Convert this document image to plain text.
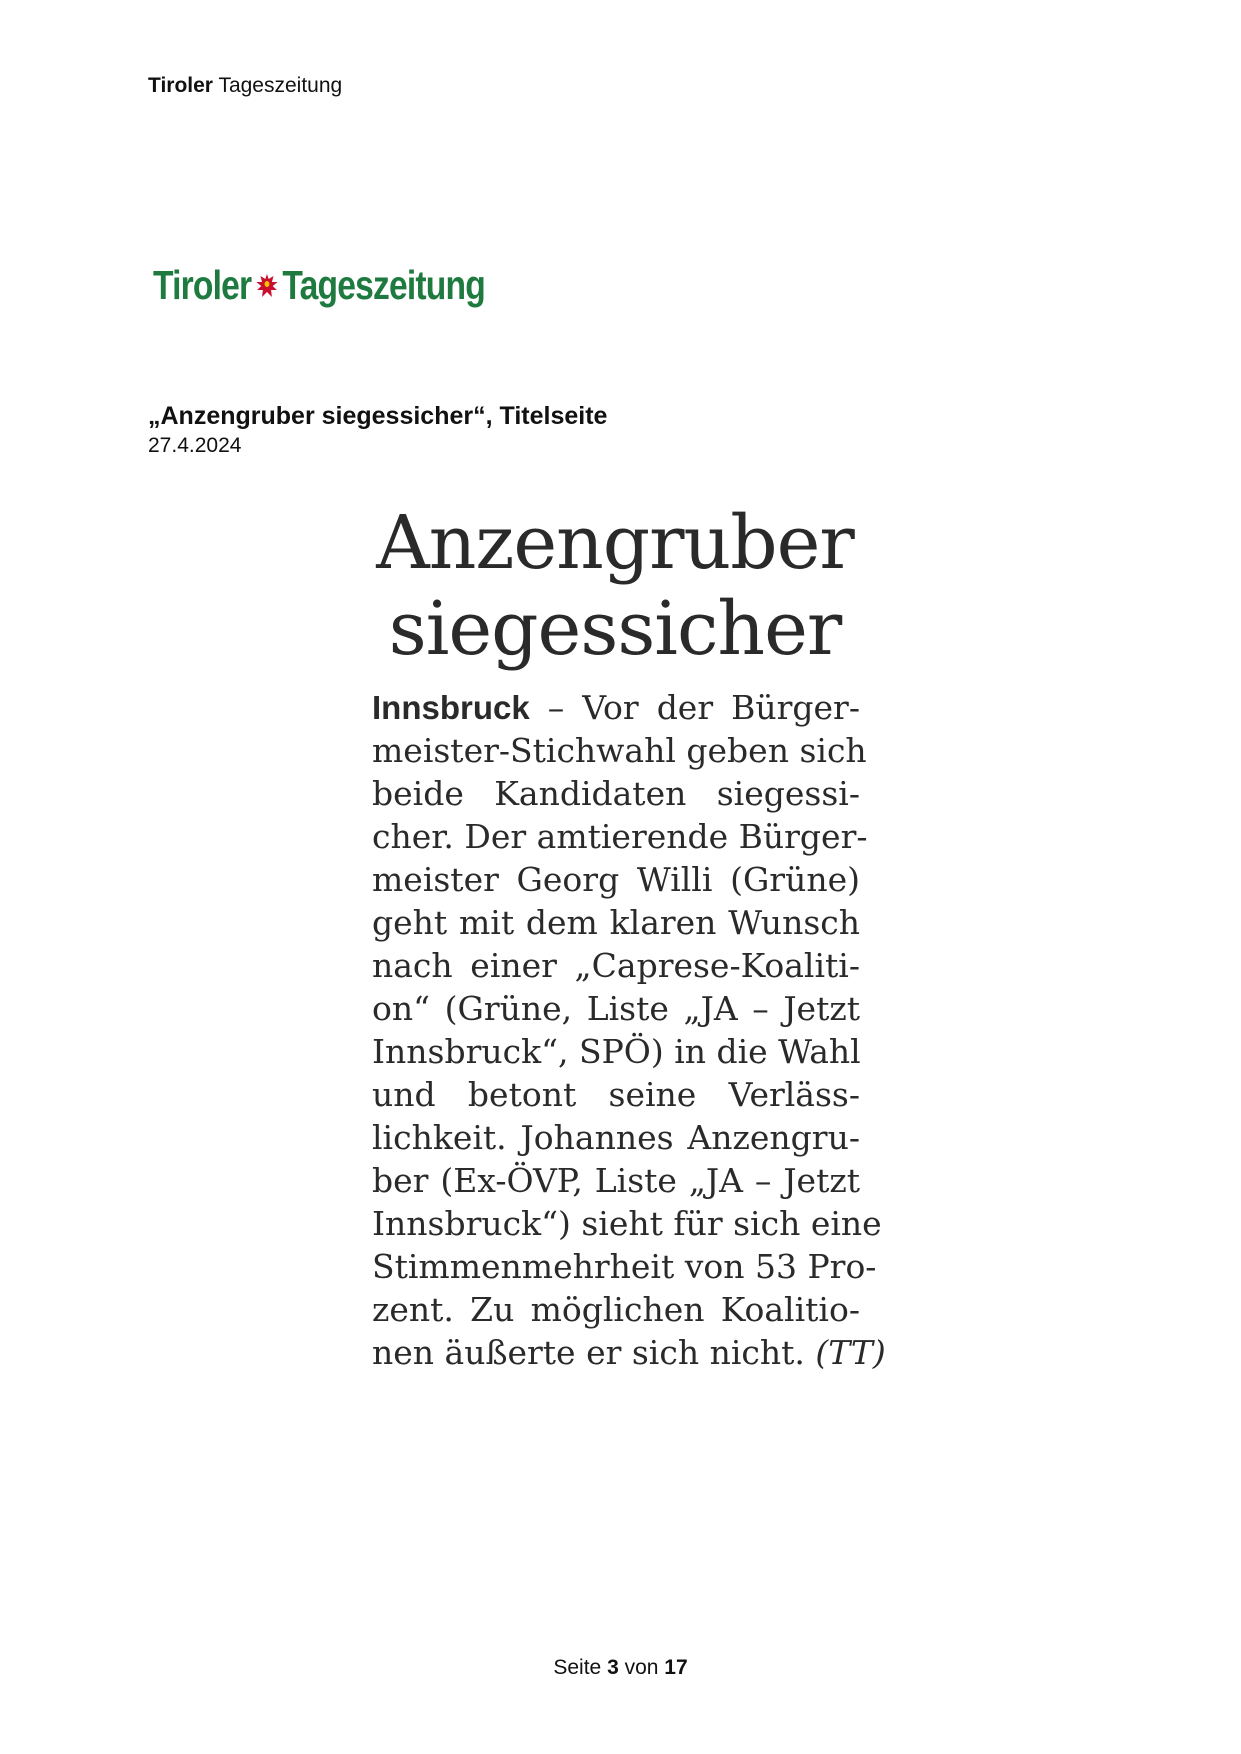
Tiroler Tageszeitung
Tiroler Tageszeitung
„Anzengruber siegessicher“, Titelseite
27.4.2024
Anzengruber
siegessicher
Innsbruck – Vor der Bürger-
meister-Stichwahl geben sich
beide Kandidaten siegessi-
cher. Der amtierende Bürger-
meister Georg Willi (Grüne)
geht mit dem klaren Wunsch
nach einer „Caprese-Koaliti-
on“ (Grüne, Liste „JA – Jetzt
Innsbruck“, SPÖ) in die Wahl
und betont seine Verläss-
lichkeit. Johannes Anzengru-
ber (Ex-ÖVP, Liste „JA – Jetzt
Innsbruck“) sieht für sich eine
Stimmenmehrheit von 53 Pro-
zent. Zu möglichen Koalitio-
nen äußerte er sich nicht. (TT)
Seite 3 von 17
